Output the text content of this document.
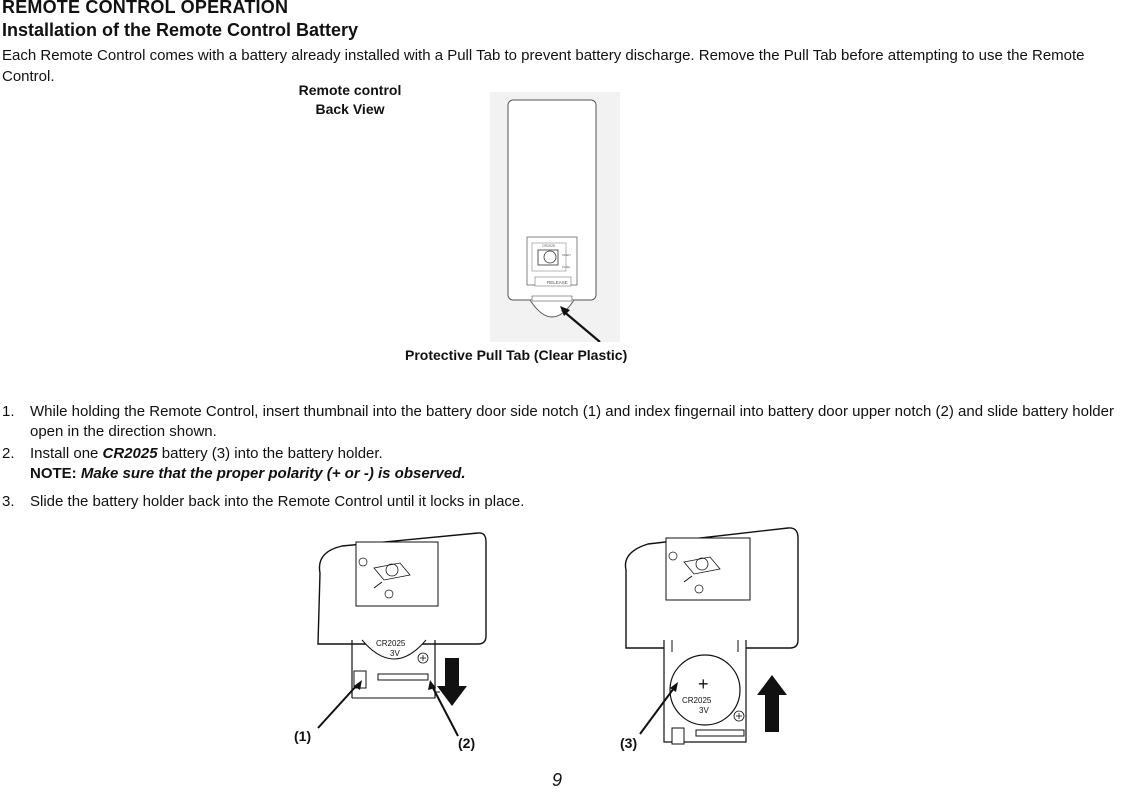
REMOTE CONTROL OPERATION
Installation of the Remote Control Battery
Each Remote Control comes with a battery already installed with a Pull Tab to prevent battery discharge. Remove the Pull Tab before attempting to use the Remote Control.
Remote control
Back View
CR2025
OPEN
PUSH
RELEASE
Protective Pull Tab (Clear Plastic)
1. While holding the Remote Control, insert thumbnail into the battery door side notch (1) and index fingernail into battery door upper notch (2) and slide battery holder open in the direction shown.
2. Install one CR2025 battery (3) into the battery holder.
NOTE: Make sure that the proper polarity (+ or -) is observed.
3. Slide the battery holder back into the Remote Control until it locks in place.
CR2025
3V
(1)	(2)
+
CR2025
3V
(3)
9
